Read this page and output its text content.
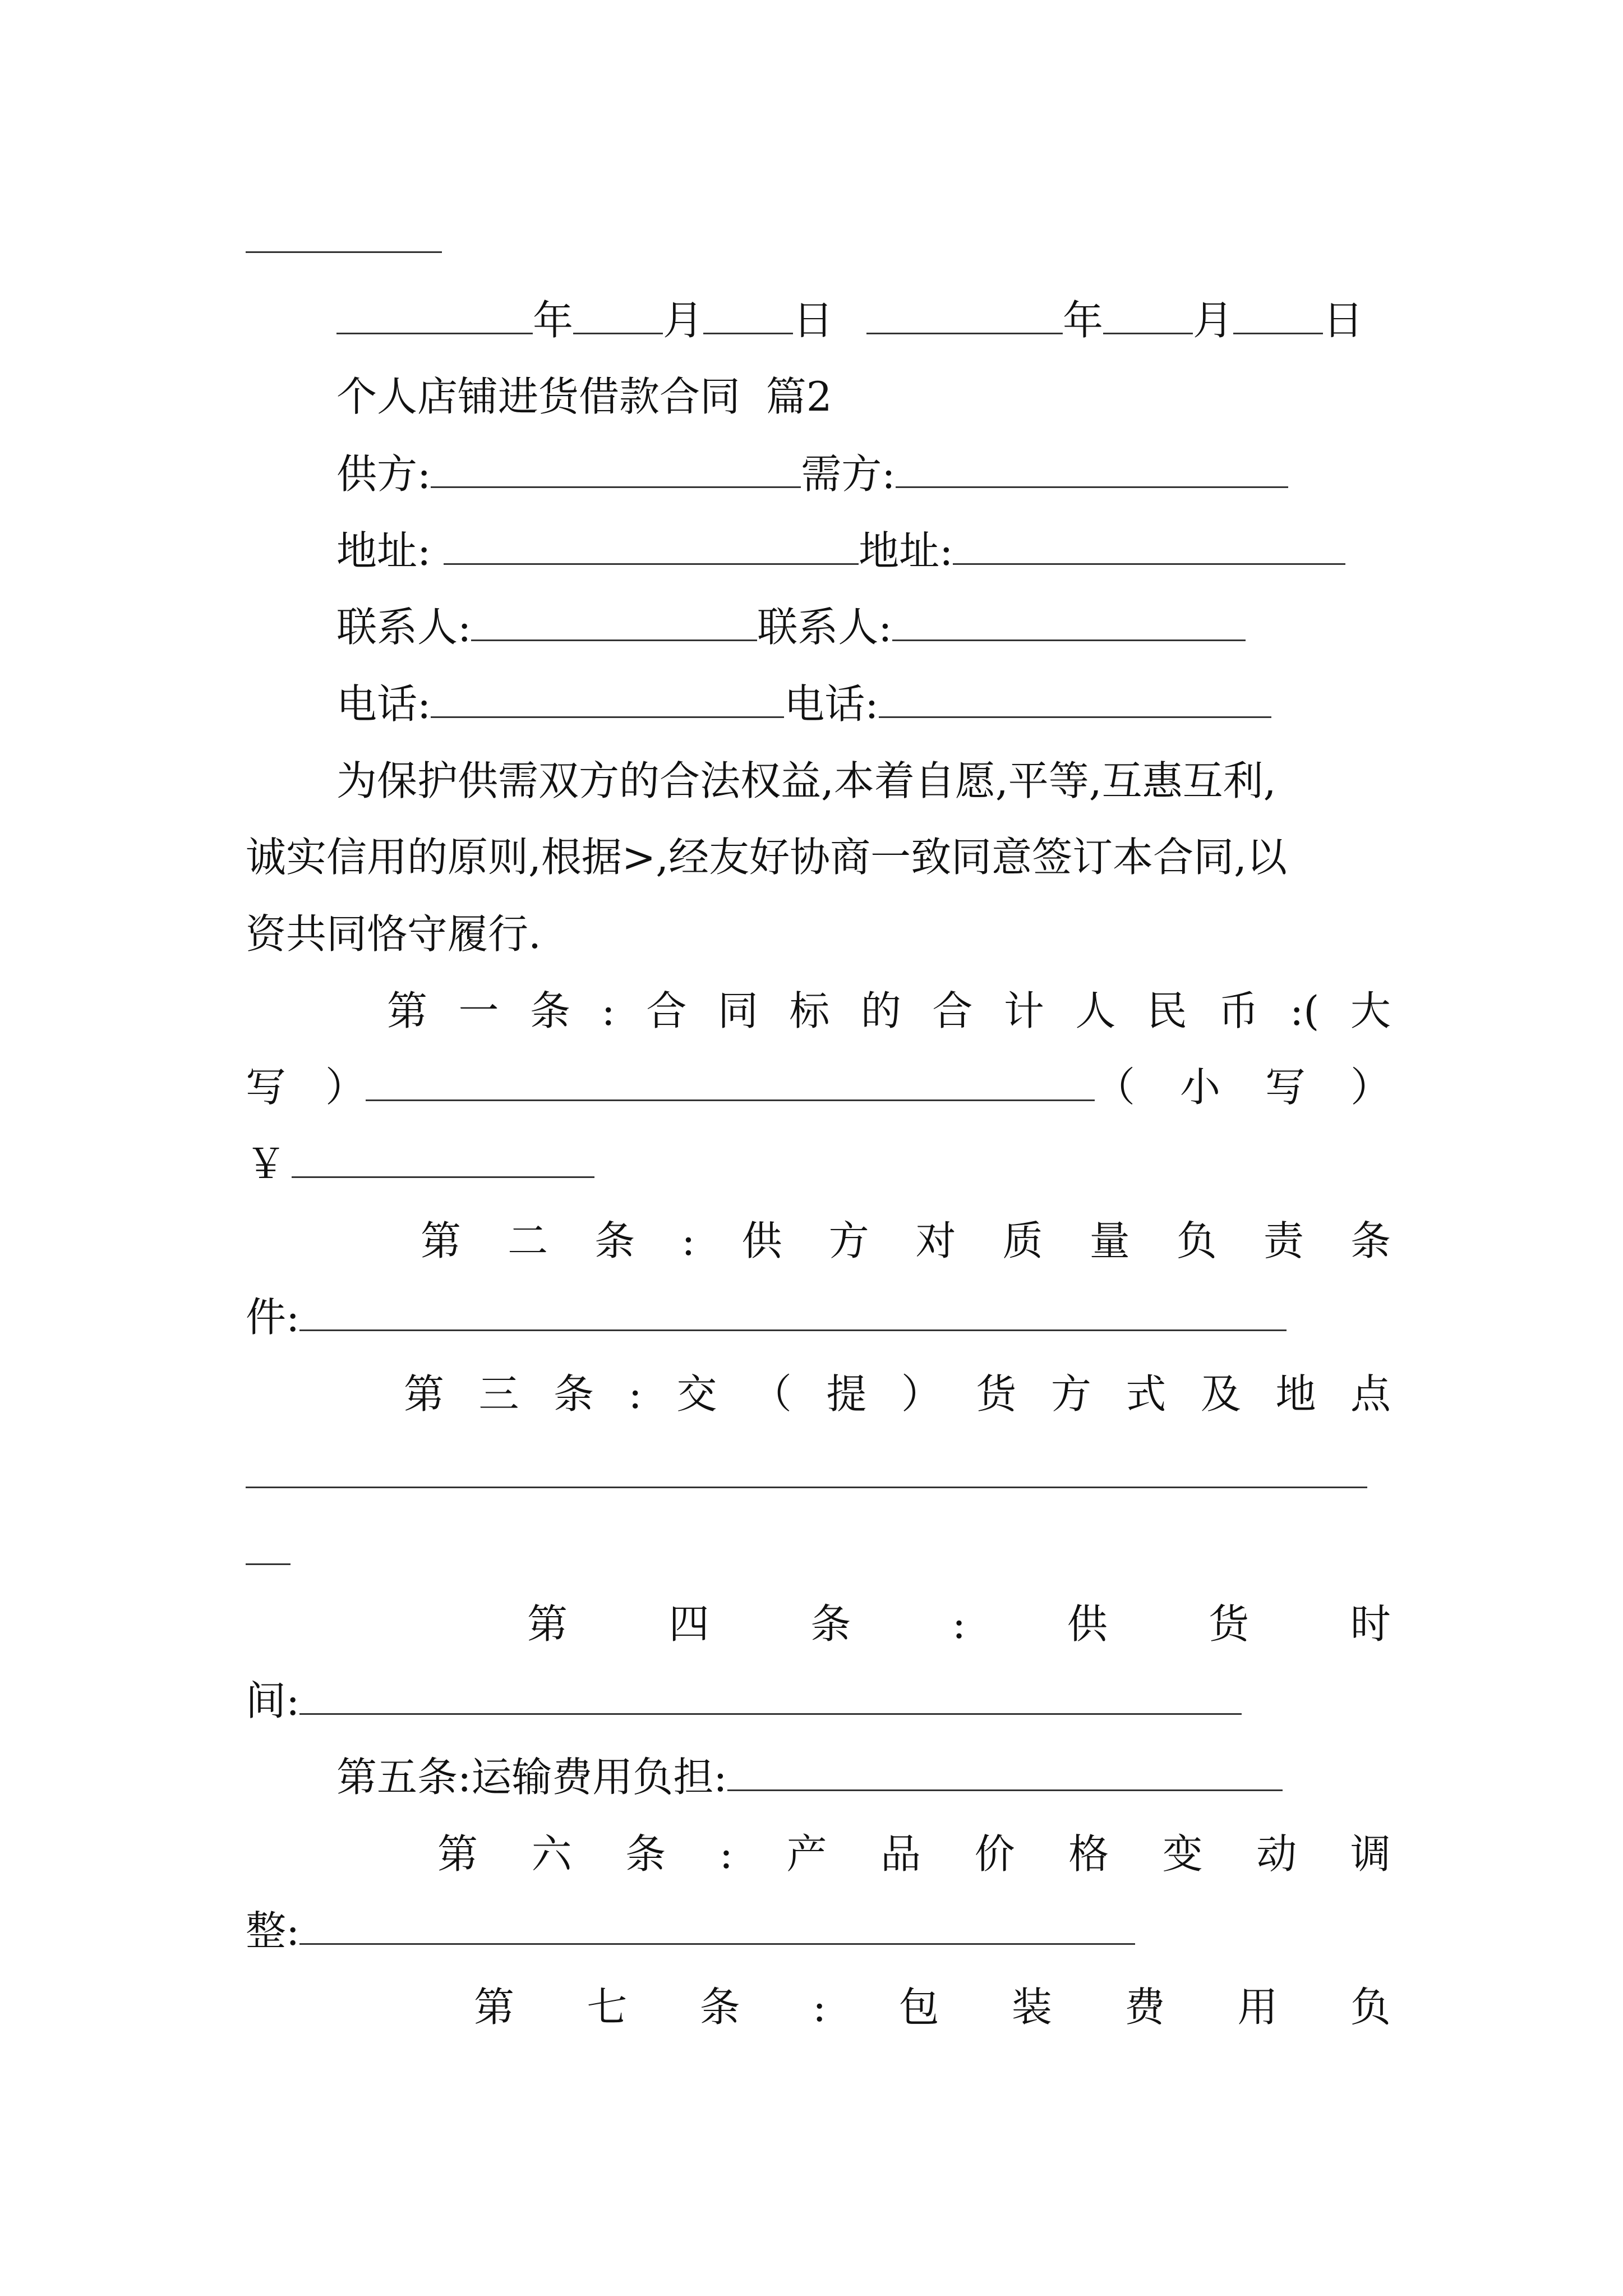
年 月 日	年 月 日
个人店铺进货借款合同  篇2
供方:	需方:
地址:	地址:
联系人:	联系人:
电话:	电话:
为保护供需双方的合法权益,本着自愿,平等,互惠互利,
诚实信用的原则,根据>,经友好协商一致同意签订本合同,以
资共同恪守履行.
第 一 条 : 合 同 标 的 合 计 人 民 币 :( 大
写 ）	（ 小 写 ）
￥
第 二 条 : 供 方 对 质 量 负 责 条
件:
第 三 条 : 交 （ 提 ） 货 方 式 及 地 点
第	四	条	:	供	货	时
间:
第五条:运输费用负担:
第 六 条 : 产 品 价 格 变 动 调
整:
第 七 条 : 包 装 费 用 负
